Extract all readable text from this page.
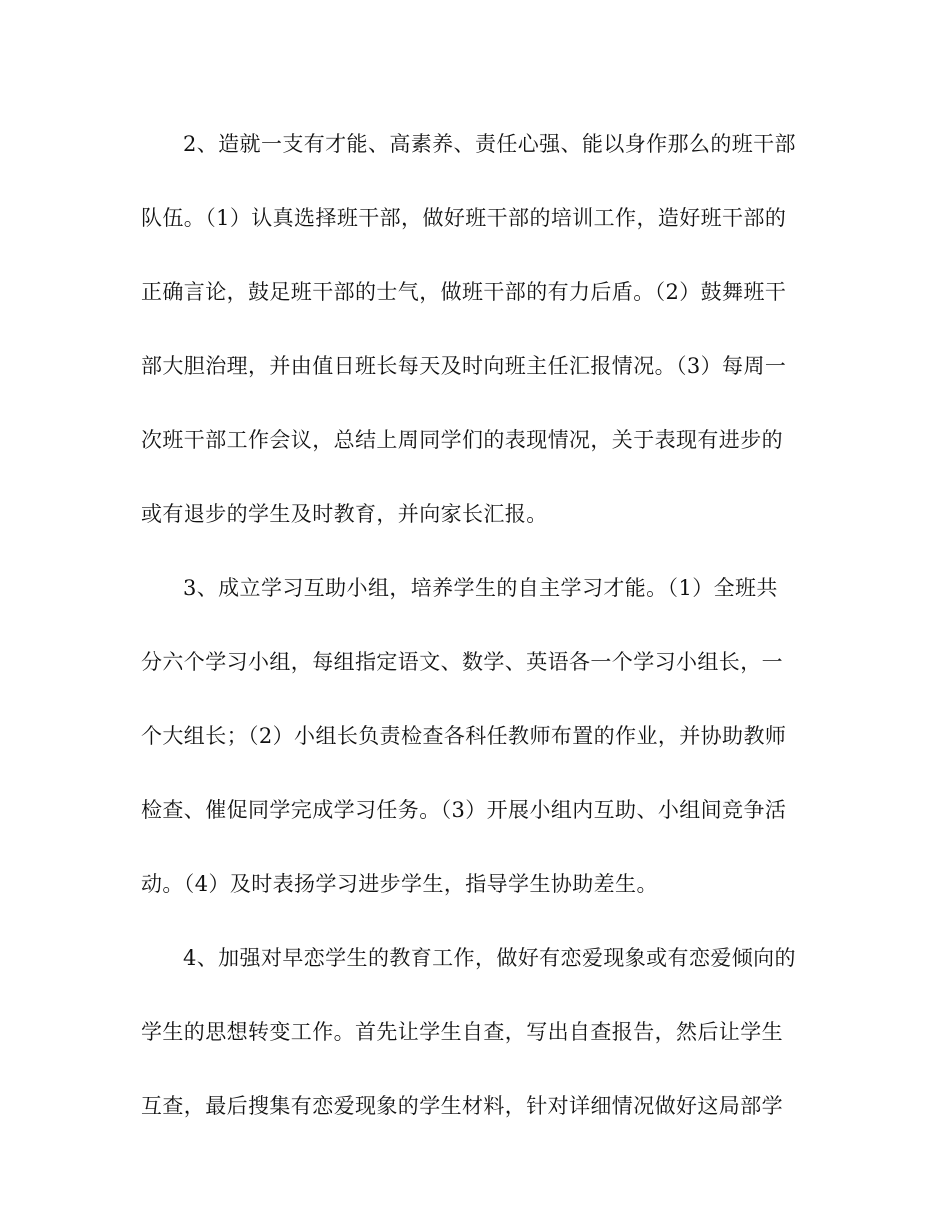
2、造就一支有才能、高素养、责任心强、能以身作那么的班干部
队伍。（1）认真选择班干部，做好班干部的培训工作，造好班干部的
正确言论，鼓足班干部的士气，做班干部的有力后盾。（2）鼓舞班干
部大胆治理，并由值日班长每天及时向班主任汇报情况。（3）每周一
次班干部工作会议，总结上周同学们的表现情况，关于表现有进步的
或有退步的学生及时教育，并向家长汇报。
3、成立学习互助小组，培养学生的自主学习才能。（1）全班共
分六个学习小组，每组指定语文、数学、英语各一个学习小组长，一
个大组长；（2）小组长负责检查各科任教师布置的作业，并协助教师
检查、催促同学完成学习任务。（3）开展小组内互助、小组间竞争活
动。（4）及时表扬学习进步学生，指导学生协助差生。
4、加强对早恋学生的教育工作，做好有恋爱现象或有恋爱倾向的
学生的思想转变工作。首先让学生自查，写出自查报告，然后让学生
互查，最后搜集有恋爱现象的学生材料，针对详细情况做好这局部学
